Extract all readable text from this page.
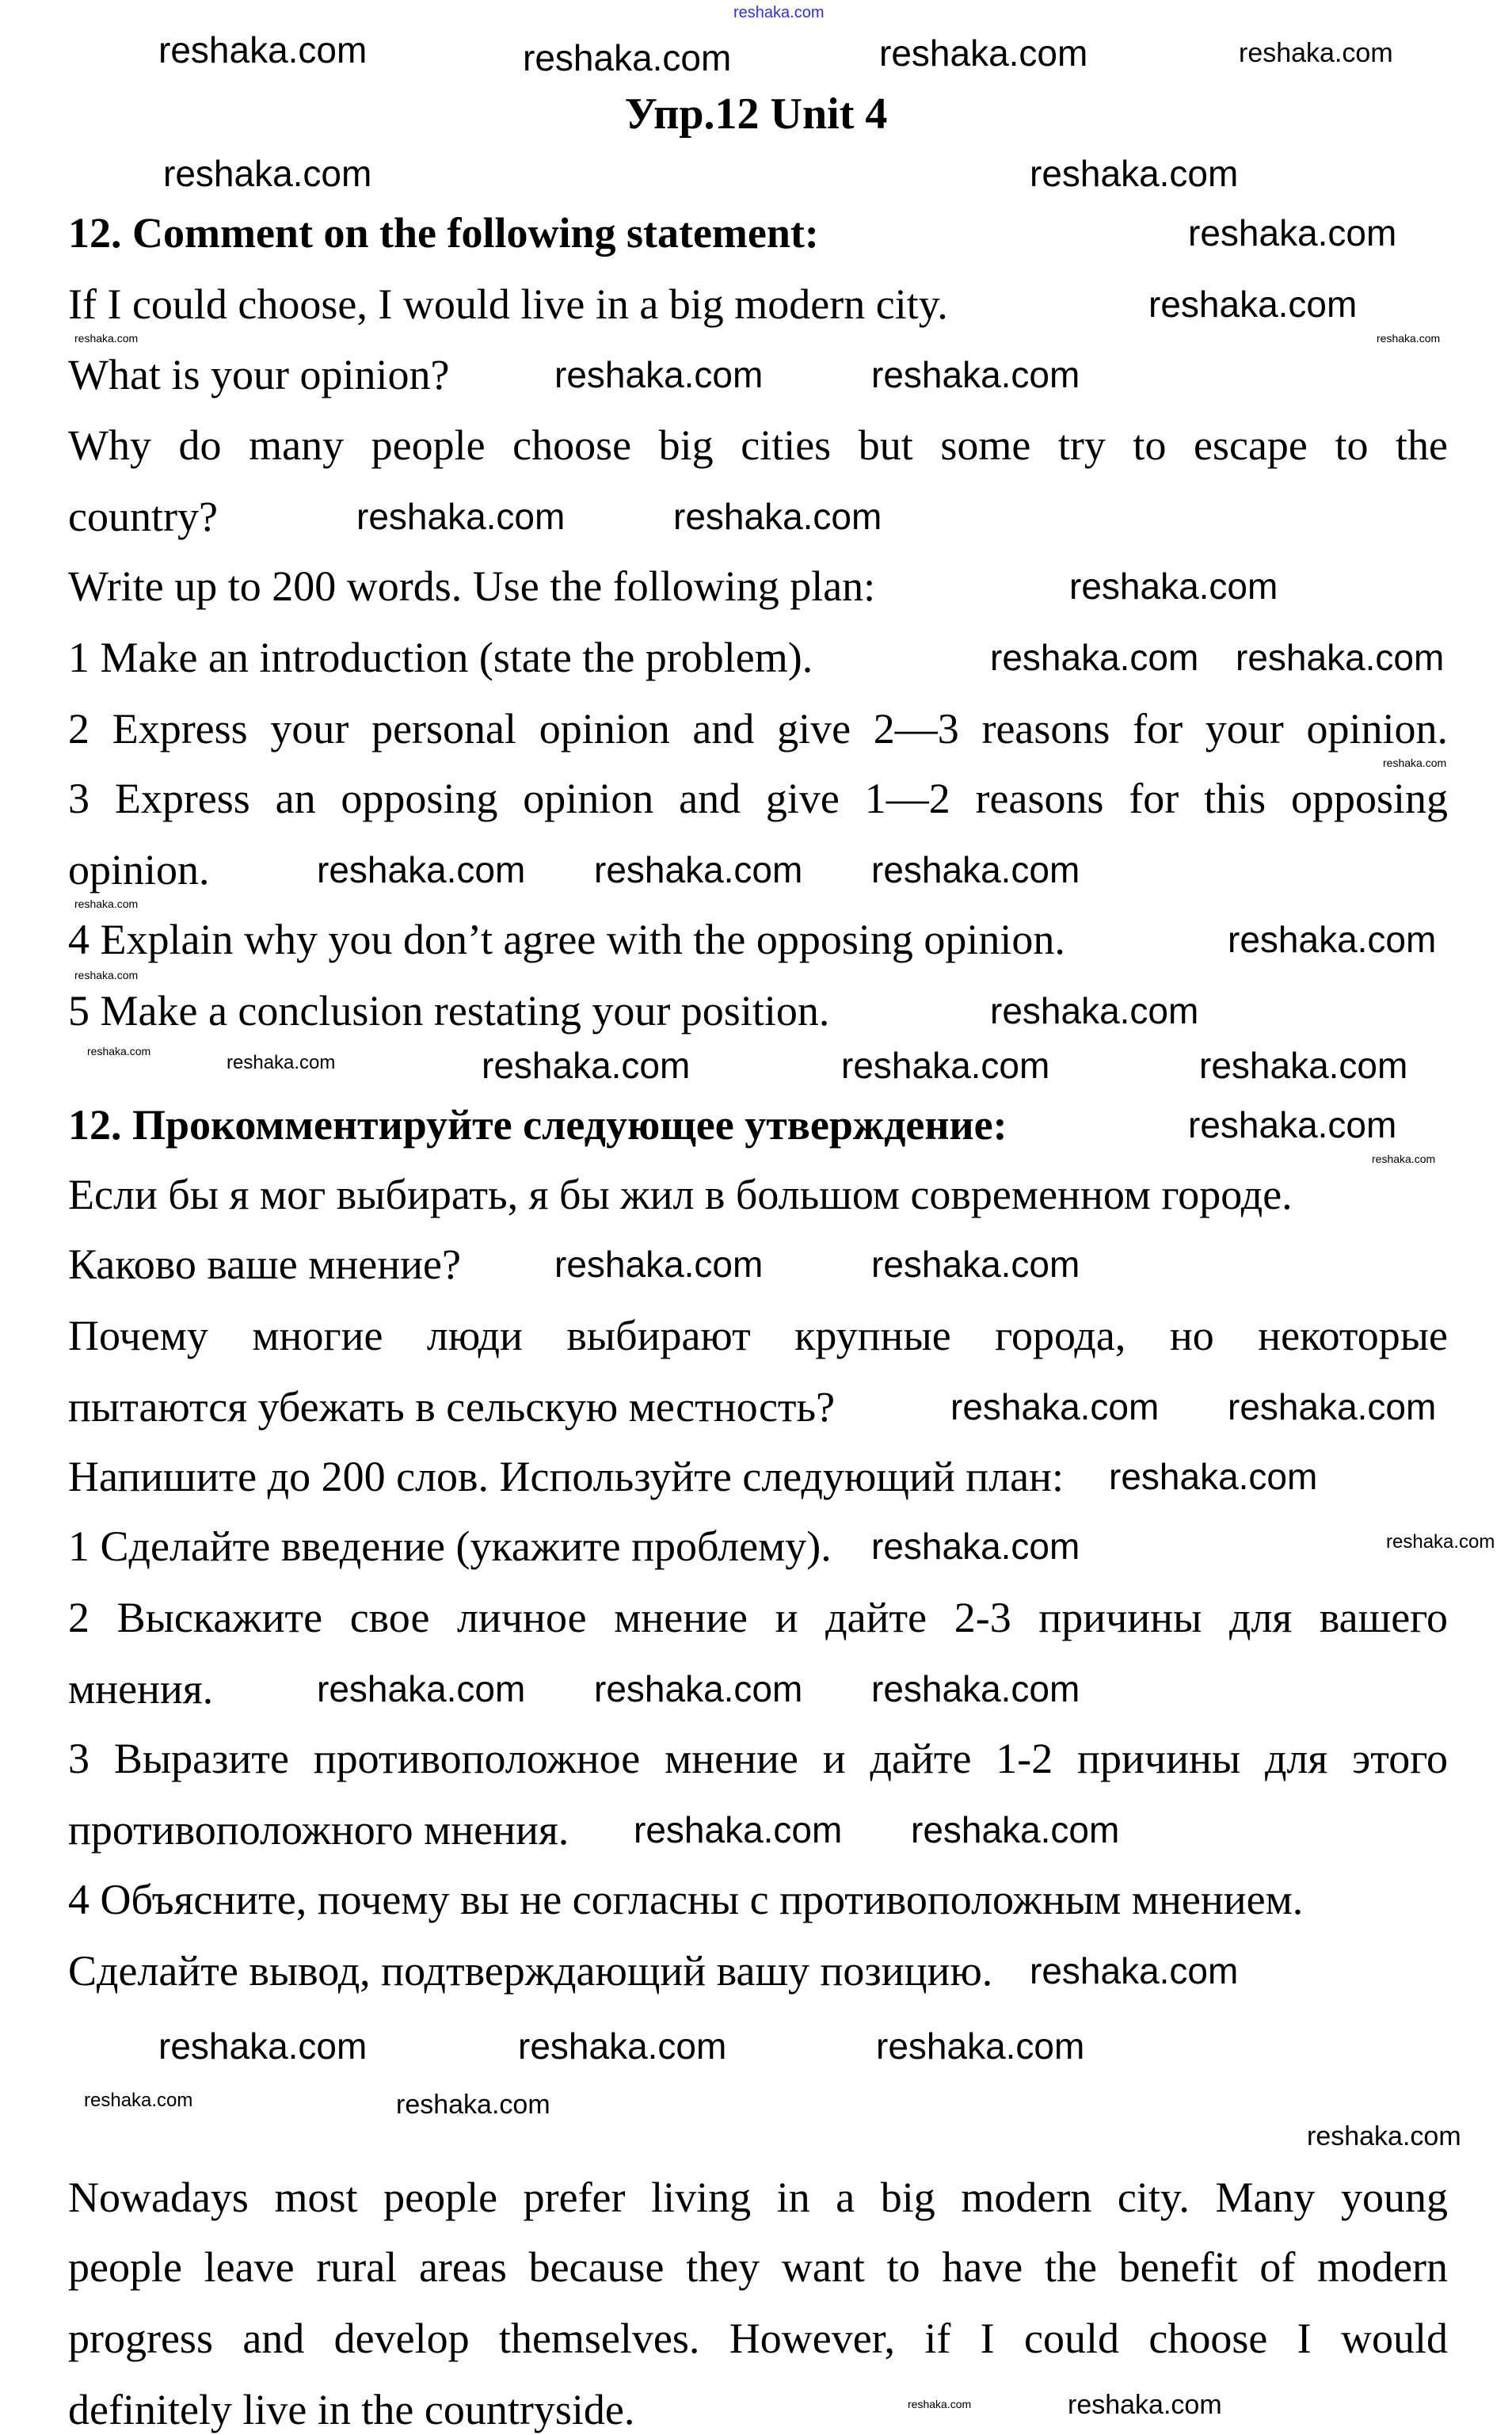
Упр.12 Unit 4
12. Comment on the following statement:
If I could choose, I would live in a big modern city.
What is your opinion?
Why do many people choose big cities but some try to escape to the
country?
Write up to 200 words. Use the following plan:
1 Make an introduction (state the problem).
2 Express your personal opinion and give 2—3 reasons for your opinion.
3 Express an opposing opinion and give 1—2 reasons for this opposing
opinion.
4 Explain why you don’t agree with the opposing opinion.
5 Make a conclusion restating your position.
12. Прокомментируйте следующее утверждение:
Если бы я мог выбирать, я бы жил в большом современном городе.
Каково ваше мнение?
Почему многие люди выбирают крупные города, но некоторые
пытаются убежать в сельскую местность?
Напишите до 200 слов. Используйте следующий план:
1 Сделайте введение (укажите проблему).
2 Выскажите свое личное мнение и дайте 2-3 причины для вашего
мнения.
3 Выразите противоположное мнение и дайте 1-2 причины для этого
противоположного мнения.
4 Объясните, почему вы не согласны с противоположным мнением.
Сделайте вывод, подтверждающий вашу позицию.
Nowadays most people prefer living in a big modern city. Many young
people leave rural areas because they want to have the benefit of modern
progress and develop themselves. However, if I could choose I would
definitely live in the countryside.
reshaka.com
reshaka.com	reshaka.com	reshaka.com	reshaka.com
reshaka.com	reshaka.com
reshaka.com
reshaka.com
reshaka.com	reshaka.com
reshaka.com	reshaka.com
reshaka.com	reshaka.com
reshaka.com
reshaka.com reshaka.com
reshaka.com
reshaka.com reshaka.com reshaka.com
reshaka.com
reshaka.com
reshaka.com
reshaka.com
reshaka.com
reshaka.com	reshaka.com	reshaka.com	reshaka.com
reshaka.com
reshaka.com
reshaka.com	reshaka.com
reshaka.com reshaka.com
reshaka.com
reshaka.com	reshaka.com
reshaka.com reshaka.com reshaka.com
reshaka.com reshaka.com
reshaka.com
reshaka.com	reshaka.com	reshaka.com
reshaka.com	reshaka.com
reshaka.com
reshaka.com	reshaka.com
